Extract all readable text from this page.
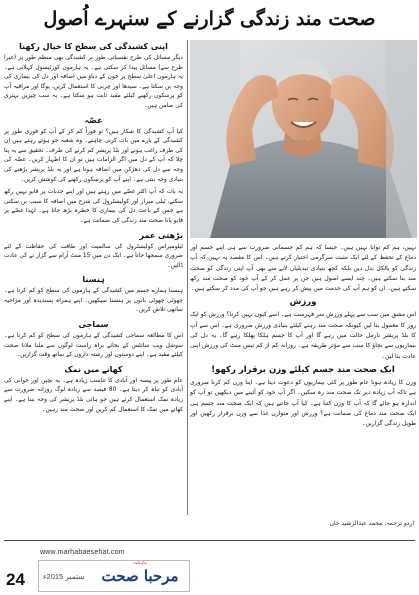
صحت مند زندگی گزارنے کے سنہرے اُصول
اپنی کشیدگی کی سطح کا خیال رکھنا

دیگر مسائل کی طرح نفسیاتی طور پر کشیدگی بھی منظم طور پر (غیرا طرح سے) مسائل پیدا کر سکتی ہے۔ یہ ہارمون کورٹیسول کہلاتی ہے۔ یہ ہارمون اعلیٰ سطح پر خون کے دباؤ میں اضافہ اور دل کی بیماری کی وجہ بن سکتا ہے۔ سیدھا اور چربی کا استعمال کریں، یوگا اور مراقبہ آپ کو پرسکون رکھنے کیلئے مفید ثابت ہو سکتا ہے۔ یہ سب چیزیں بہتری کی ضامن ہیں۔

غصّہ

کیا آپ کشیدگی کا شکار ہیں؟ تو فوراً کم کر کے آپ کو فوری طور پر کشیدگی کے بارے میں بات کرنی چاہئے۔ وہ شعبہ جو ہوتے رہتے ہیں ان کی طرف راغب ہونے اور بلڈ پریشر کم کرنے کی طرف۔ تحقیق سے یہ پتا چلا کہ آپ کے دل میں اگر الزامات ہیں تو ان کا اظہار کریں۔ غصّہ کی وجہ سے دل کی دھڑکن میں اضافہ ہوتا ہے اور یہ بلڈ پریشر بڑھنے کی بنیادی وجہ بنتی ہے۔ اپنے آپ کو پرسکون رکھنے کی کوشش کریں۔

یہ بات کہ آپ اکثر غصّے میں رہتے ہیں اور اپنے جذبات پر قابو نہیں رکھ سکتے، ٹیلی میراز اور کولیسٹرول کی شرح میں اضافہ کا سبب بن سکتی ہے جس کے باعث دل کی بیماری کا خطرہ بڑھ جاتا ہے۔ لہٰذا غصّے پر قابو پانا صحت مند زندگی کی ضمانت ہے۔

بڑھتی عمر

ٹیلومیراس کولیسٹرول کی سالمیت اور طاقت کی حفاظت کے لئے ضروری سمجھا جاتا ہے۔ ایک دن میں 15 منٹ آرام سے گزار نے کی عادت ڈالیں۔

ہنسنا

ہنسنا ہمارے جسم میں کشیدگی کے ہارمون کی سطح کو کم کرتا ہے۔ چھوٹی چھوٹی باتوں پر ہنسنا سیکھیں۔ اپنے ہمراہ پسندیدہ اور مزاحیہ ساتھی تلاش کریں۔

سماجی

اس کا مطالعہ سماجی کشیدگی کے ہارمون کی سطح کو کم کرتا ہے۔ سوشل ویب سائٹس کے بجائے براہ راست لوگوں سے ملنا ملانا صحت کیلئے مفید ہے۔ اپنے دوستوں اور رشتہ داروں کے ساتھ وقت گزاریں۔

کھانے میں نمک

عام طور پر پیسہ اور آبادی کا تناسب زیادہ ہے۔ یہ بچپن اور جوانی کی آبادی کو تباہ کر دیتا ہے۔ 80 فیصد سے زیادہ لوگ روزانہ ضرورت سے زیادہ نمک استعمال کرتے ہیں جو ہائی بلڈ پریشر کی وجہ بنتا ہے۔ اپنے کھانے میں نمک کا استعمال کم کریں اور صحت مند رہیں۔

نہیں، ہم کم توانا نہیں ہیں۔ جیسا کہ ہم کم جسمانی ضرورت سے ہی اپنے جسم اور دماغ کے تحفظ کے لئے ایک مثبت سرگرمی اختیار کرتے ہیں۔ اس کا مقصد یہ نہیں کہ آپ زندگی کو بالکل بدل دیں بلکہ کچھ بنیادی تبدیلیاں لانے سے بھی آپ اپنی زندگی کو صحت مند بنا سکتے ہیں۔ چند ایسے اصول ہیں جن پر عمل کر کے آپ خود کو صحت مند رکھ سکتے ہیں۔ ان کو ہم آپ کی خدمت میں پیش کر رہے ہیں جو آپ کی مدد کر سکتے ہیں۔

ورزش

اس مشق میں سب سے پہلے ورزش سر فہرست ہے۔ اسے کیوں نہیں کرتا؟ ورزش کو ایک روز کا معمول بنا لیں کیونکہ صحت مند رہنے کیلئے بنیادی ورزش ضروری ہے۔ اس سے آپ کا بلڈ پریشر نارمل حالت میں رہے گا اور آپ کا جسم ہلکا پھلکا رہے گا۔ یہ دل کی بیماریوں سے بچاؤ کا سب سے مؤثر طریقہ ہے۔ روزانہ کم از کم تیس منٹ کی ورزش اپنی عادت بنا لیں۔

ایک صحت مند جسم کیلئے وزن برقرار رکھو!

وزن کا زیادہ ہونا عام طور پر کئی بیماریوں کو دعوت دیتا ہے۔ اپنا وزن کم کرنا ضروری ہے تاکہ آپ زیادہ دیر تک صحت مند رہ سکیں۔ اگر آپ خود کو آئینے میں دیکھیں تو آپ کو اندازہ ہو جائے گا کہ آپ کا وزن کتنا ہے۔ کیا آپ جانتے ہیں کہ ایک صحت مند جسم ہی ایک صحت مند دماغ کی ضمانت ہے؟ ورزش اور متوازن غذا سے وزن برقرار رکھیں اور طویل زندگی گزاریں۔

اردو ترجمہ: محمد عبدالرشید خان
24
www.marhabaesehat.com
ستمبر 2015ء
ماہنامہ
مرحبا صحت
